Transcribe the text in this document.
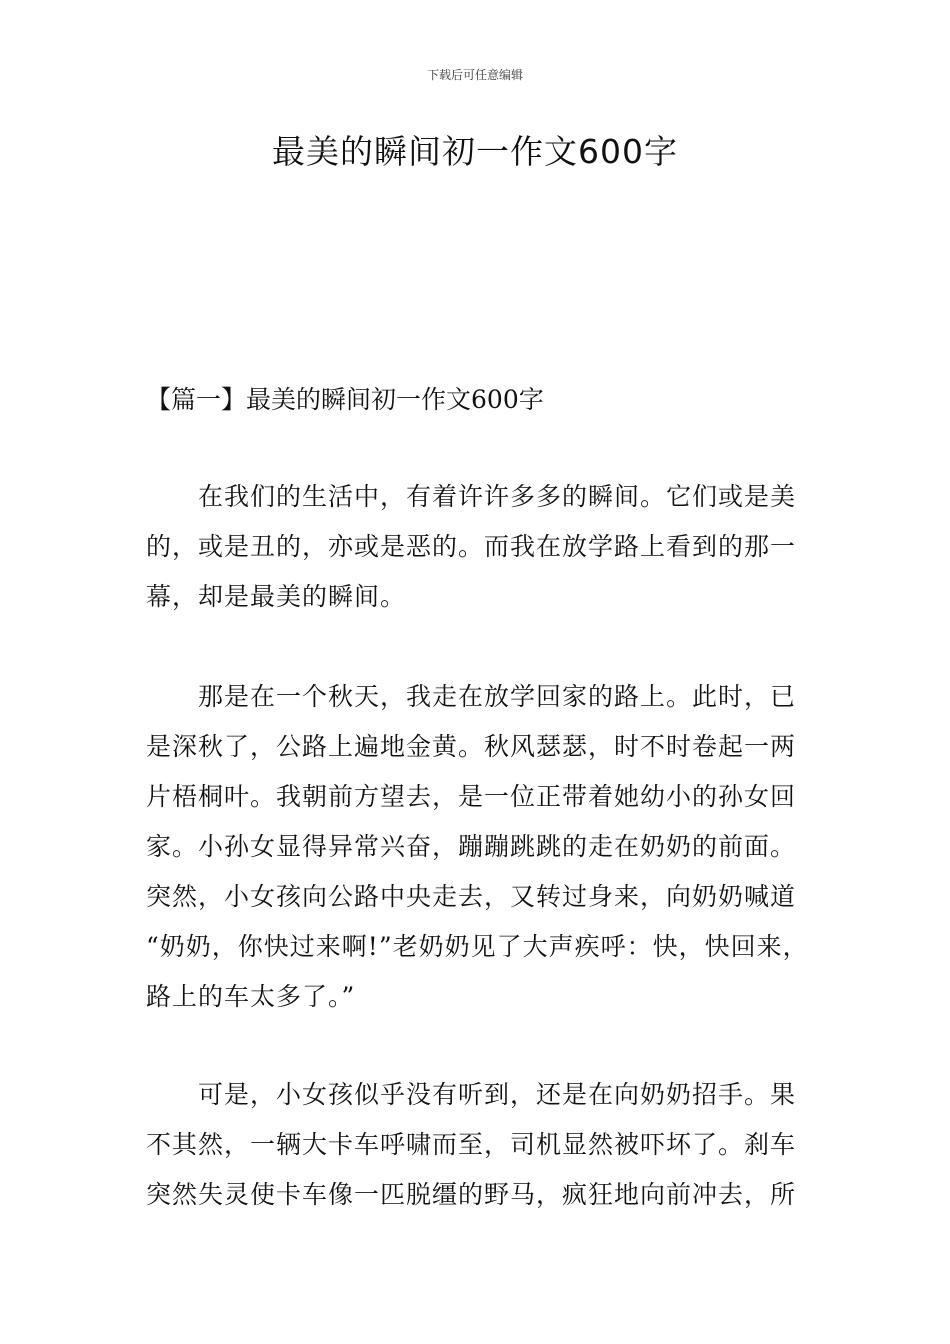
下载后可任意编辑
最美的瞬间初一作文600字
【篇一】最美的瞬间初一作文600字
在我们的生活中，有着许许多多的瞬间。它们或是美
的，或是丑的，亦或是恶的。而我在放学路上看到的那一
幕，却是最美的瞬间。
那是在一个秋天，我走在放学回家的路上。此时，已
是深秋了，公路上遍地金黄。秋风瑟瑟，时不时卷起一两
片梧桐叶。我朝前方望去，是一位正带着她幼小的孙女回
家。小孙女显得异常兴奋，蹦蹦跳跳的走在奶奶的前面。
突然，小女孩向公路中央走去，又转过身来，向奶奶喊道
“奶奶，你快过来啊!”老奶奶见了大声疾呼：快，快回来，
路上的车太多了。”
可是，小女孩似乎没有听到，还是在向奶奶招手。果
不其然，一辆大卡车呼啸而至，司机显然被吓坏了。刹车
突然失灵使卡车像一匹脱缰的野马，疯狂地向前冲去，所
